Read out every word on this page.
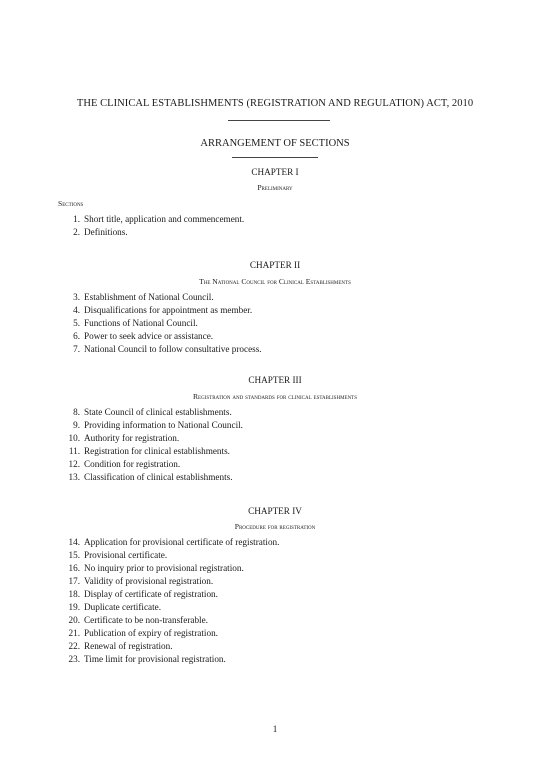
THE CLINICAL ESTABLISHMENTS (REGISTRATION AND REGULATION) ACT, 2010
ARRANGEMENT OF SECTIONS
CHAPTER I
Preliminary
Sections
1. Short title, application and commencement.
2. Definitions.
CHAPTER II
The National Council for Clinical Establishments
3. Establishment of National Council.
4. Disqualifications for appointment as member.
5. Functions of National Council.
6. Power to seek advice or assistance.
7. National Council to follow consultative process.
CHAPTER III
Registration and standards for clinical establishments
8. State Council of clinical establishments.
9. Providing information to National Council.
10. Authority for registration.
11. Registration for clinical establishments.
12. Condition for registration.
13. Classification of clinical establishments.
CHAPTER IV
Procedure for registration
14. Application for provisional certificate of registration.
15. Provisional certificate.
16. No inquiry prior to provisional registration.
17. Validity of provisional registration.
18. Display of certificate of registration.
19. Duplicate certificate.
20. Certificate to be non-transferable.
21. Publication of expiry of registration.
22. Renewal of registration.
23. Time limit for provisional registration.
1
